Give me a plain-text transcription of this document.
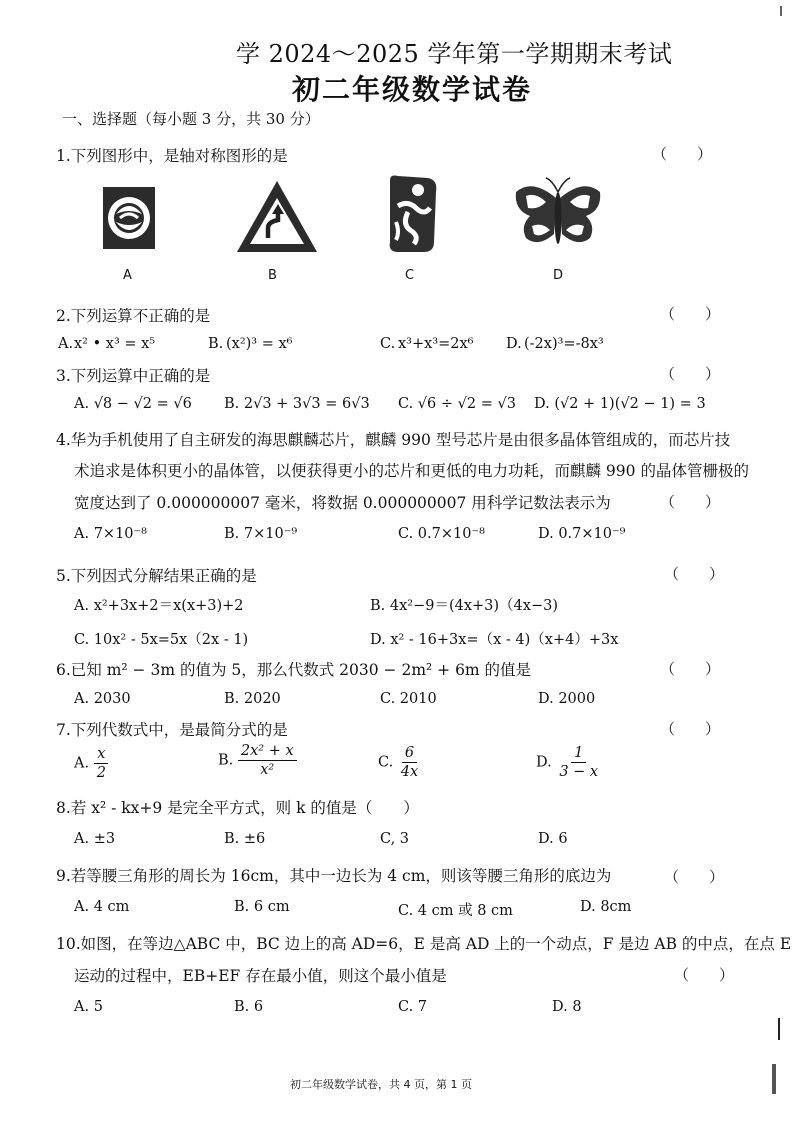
学 2024～2025 学年第一学期期末考试
初二年级数学试卷
一、选择题（每小题 3 分，共 30 分）
1.下列图形中，是轴对称图形的是	（　　）
A	B	C	D
2.下列运算不正确的是	（　　）
x² • x³ = x⁵	(x²)³ = x⁶	x³+x³=2x⁶	(-2x)³=-8x³
A.	B.	C.	D.
3.下列运算中正确的是	（　　）
A. √8 − √2 = √6 B. 2√3 + 3√3 = 6√3 C. √6 ÷ √2 = √3 D. (√2 + 1)(√2 − 1) = 3
4.华为手机使用了自主研发的海思麒麟芯片，麒麟 990 型号芯片是由很多晶体管组成的，而芯片技
术追求是体积更小的晶体管，以便获得更小的芯片和更低的电力功耗，而麒麟 990 的晶体管栅极的
宽度达到了 0.000000007 毫米，将数据 0.000000007 用科学记数法表示为	（　　）
A. 7×10⁻⁸	B. 7×10⁻⁹	C. 0.7×10⁻⁸	D. 0.7×10⁻⁹
5.下列因式分解结果正确的是	（　　）
A. x²+3x+2＝x(x+3)+2	B. 4x²−9＝(4x+3)（4x−3)
C. 10x² - 5x=5x（2x - 1)	D. x² - 16+3x=（x - 4)（x+4）+3x
6.已知 m² − 3m 的值为 5，那么代数式 2030 − 2m² + 6m 的值是	（　　）
A. 2030	B. 2020	C. 2010	D. 2000
7.下列代数式中，是最简分式的是	（　　）
A. $\frac{x}{2}$	B. $\frac{\text{2x² + x}}{\text{x²}}$	C. $\frac{6}{4x}$	D. $\frac{1}{3 - x}$
8.若 x² - kx+9 是完全平方式，则 k 的值是（　　）
A. ±3	B. ±6	C, 3	D. 6
9.若等腰三角形的周长为 16cm，其中一边长为 4 cm，则该等腰三角形的底边为	（　　）
A. 4 cm	B. 6 cm	C. 4 cm 或 8 cm	D. 8cm
10.如图，在等边△ABC 中，BC 边上的高 AD=6，E 是高 AD 上的一个动点，F 是边 AB 的中点，在点 E
运动的过程中，EB+EF 存在最小值，则这个最小值是	（　　）
A. 5	B. 6	C. 7	D. 8
初二年级数学试卷，共 4 页，第 1 页
